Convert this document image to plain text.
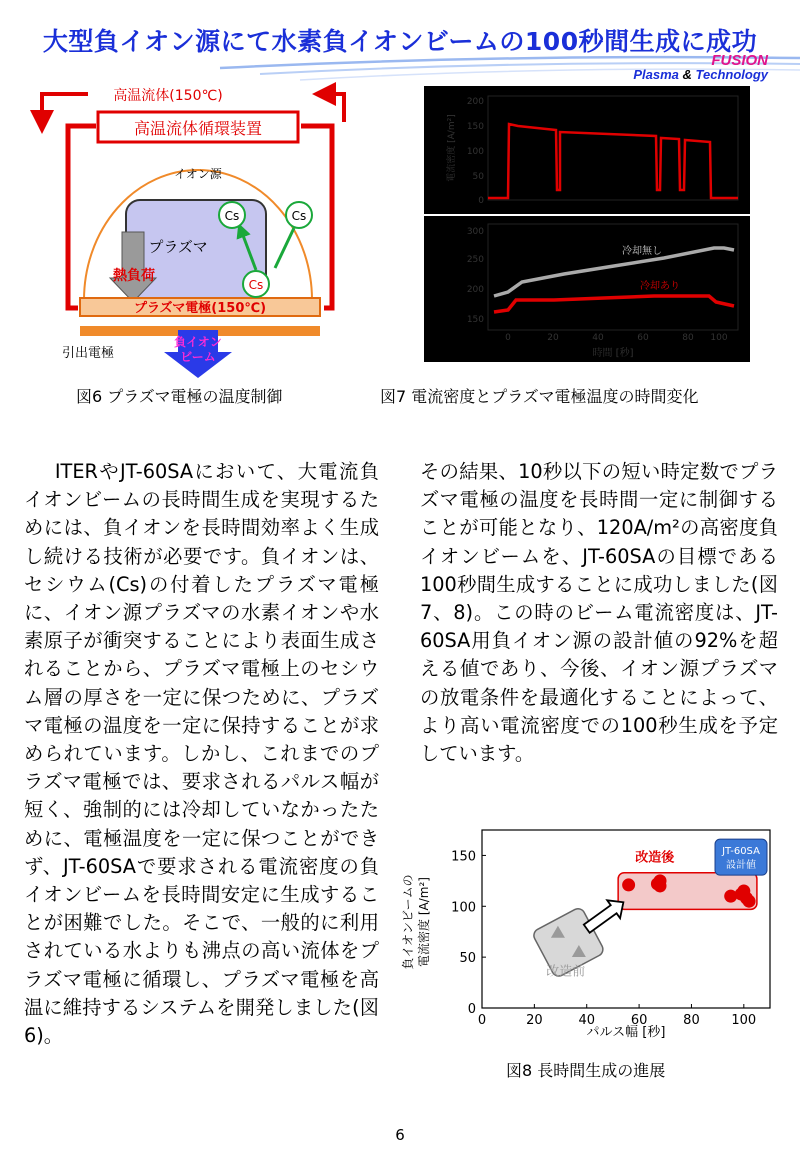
大型負イオン源にて水素負イオンビームの100秒間生成に成功
FUSION
Plasma & Technology
高温流体(150℃)
高温流体循環装置
イオン源
プラズマ
熱負荷
プラズマ電極(150℃)
引出電極
負イオン
ビーム
Cs	Cs
Cs
図6 プラズマ電極の温度制御
200
150
100
50
0
電流密度 [A/m²]
300
250
200
150
0	20	40	60	80 100
時間 [秒]
冷却無し
冷却あり
図7 電流密度とプラズマ電極温度の時間変化

ITERやJT-60SAにおいて、大電流負イオンビームの長時間生成を実現するためには、負イオンを長時間効率よく生成し続ける技術が必要です。負イオンは、セシウム(Cs)の付着したプラズマ電極に、イオン源プラズマの水素イオンや水素原子が衝突することにより表面生成されることから、プラズマ電極上のセシウム層の厚さを一定に保つために、プラズマ電極の温度を一定に保持することが求められています。しかし、これまでのプラズマ電極では、要求されるパルス幅が短く、強制的には冷却していなかったために、電極温度を一定に保つことができず、JT-60SAで要求される電流密度の負イオンビームを長時間安定に生成することが困難でした。そこで、一般的に利用されている水よりも沸点の高い流体をプラズマ電極に循環し、プラズマ電極を高温に維持するシステムを開発しました(図6)。

その結果、10秒以下の短い時定数でプラズマ電極の温度を長時間一定に制御することが可能となり、120A/m²の高密度負イオンビームを、JT-60SAの目標である100秒間生成することに成功しました(図7、8)。この時のビーム電流密度は、JT-60SA用負イオン源の設計値の92%を超える値であり、今後、イオン源プラズマの放電条件を最適化することによって、より高い電流密度での100秒生成を予定しています。

負イオンビームの 電流密度 [A/m²]
0	20	40	60	80 100
0
50
100
150
改造前
改造後	JT-60SA
設計値
パルス幅 [秒]
図8 長時間生成の進展
6
